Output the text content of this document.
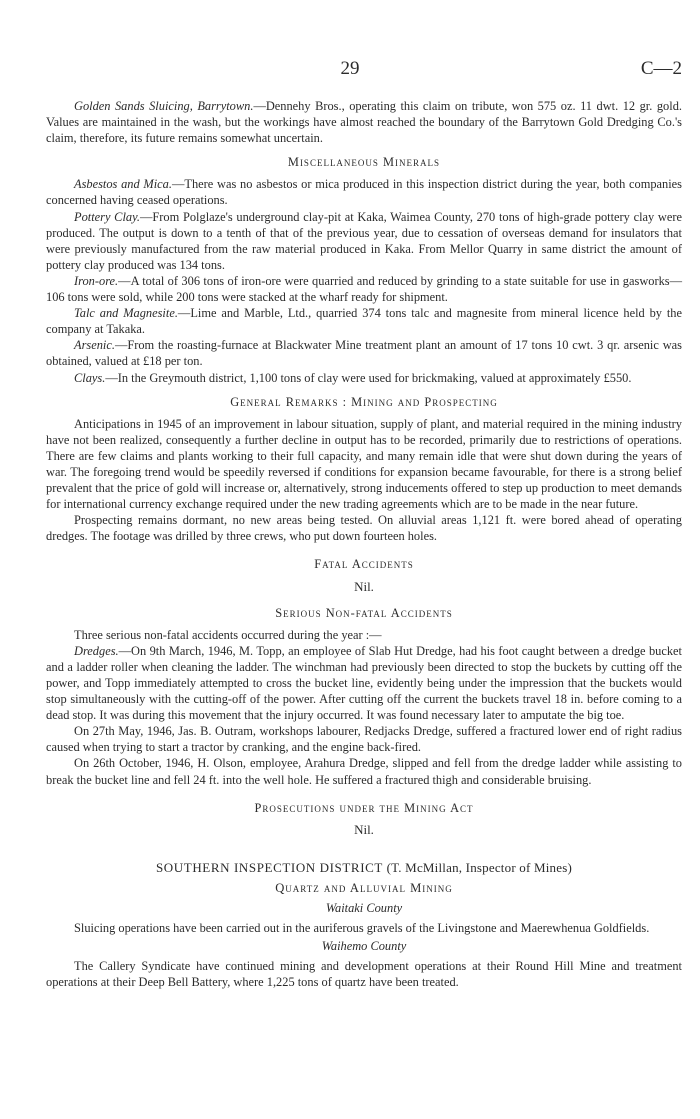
29	C—2

Golden Sands Sluicing, Barrytown.—Dennehy Bros., operating this claim on tribute, won 575 oz. 11 dwt. 12 gr. gold. Values are maintained in the wash, but the workings have almost reached the boundary of the Barrytown Gold Dredging Co.'s claim, therefore, its future remains somewhat uncertain.

Miscellaneous Minerals

Asbestos and Mica.—There was no asbestos or mica produced in this inspection district during the year, both companies concerned having ceased operations.

Pottery Clay.—From Polglaze's underground clay-pit at Kaka, Waimea County, 270 tons of high-grade pottery clay were produced. The output is down to a tenth of that of the previous year, due to cessation of overseas demand for insulators that were previously manufactured from the raw material produced in Kaka. From Mellor Quarry in same district the amount of pottery clay produced was 134 tons.

Iron-ore.—A total of 306 tons of iron-ore were quarried and reduced by grinding to a state suitable for use in gasworks—106 tons were sold, while 200 tons were stacked at the wharf ready for shipment.

Talc and Magnesite.—Lime and Marble, Ltd., quarried 374 tons talc and magnesite from mineral licence held by the company at Takaka.

Arsenic.—From the roasting-furnace at Blackwater Mine treatment plant an amount of 17 tons 10 cwt. 3 qr. arsenic was obtained, valued at £18 per ton.

Clays.—In the Greymouth district, 1,100 tons of clay were used for brickmaking, valued at approximately £550.

General Remarks : Mining and Prospecting

Anticipations in 1945 of an improvement in labour situation, supply of plant, and material required in the mining industry have not been realized, consequently a further decline in output has to be recorded, primarily due to restrictions of operations. There are few claims and plants working to their full capacity, and many remain idle that were shut down during the years of war. The foregoing trend would be speedily reversed if conditions for expansion became favourable, for there is a strong belief prevalent that the price of gold will increase or, alternatively, strong inducements offered to step up production to meet demands for international currency exchange required under the new trading agreements which are to be made in the near future.

Prospecting remains dormant, no new areas being tested. On alluvial areas 1,121 ft. were bored ahead of operating dredges. The footage was drilled by three crews, who put down fourteen holes.

Fatal Accidents
Nil.
Serious Non-fatal Accidents

Three serious non-fatal accidents occurred during the year :—

Dredges.—On 9th March, 1946, M. Topp, an employee of Slab Hut Dredge, had his foot caught between a dredge bucket and a ladder roller when cleaning the ladder. The winchman had previously been directed to stop the buckets by cutting off the power, and Topp immediately attempted to cross the bucket line, evidently being under the impression that the buckets would stop simultaneously with the cutting-off of the power. After cutting off the current the buckets travel 18 in. before coming to a dead stop. It was during this movement that the injury occurred. It was found necessary later to amputate the big toe.

On 27th May, 1946, Jas. B. Outram, workshops labourer, Redjacks Dredge, suffered a fractured lower end of right radius caused when trying to start a tractor by cranking, and the engine back-fired.

On 26th October, 1946, H. Olson, employee, Arahura Dredge, slipped and fell from the dredge ladder while assisting to break the bucket line and fell 24 ft. into the well hole. He suffered a fractured thigh and considerable bruising.

Prosecutions under the Mining Act
Nil.
SOUTHERN INSPECTION DISTRICT (T. McMillan, Inspector of Mines)
Quartz and Alluvial Mining
Waitaki County

Sluicing operations have been carried out in the auriferous gravels of the Livingstone and Maerewhenua Goldfields.

Waihemo County

The Callery Syndicate have continued mining and development operations at their Round Hill Mine and treatment operations at their Deep Bell Battery, where 1,225 tons of quartz have been treated.
